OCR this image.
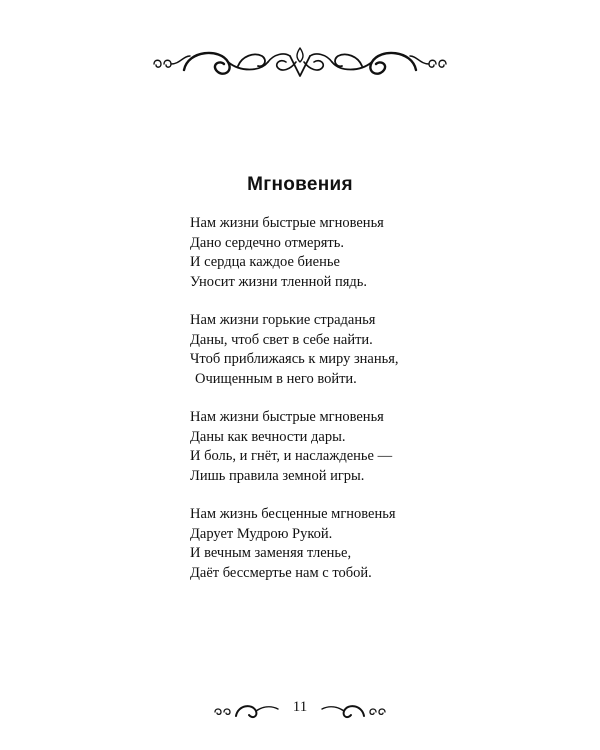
Мгновения
Нам жизни быстрые мгновенья
Дано сердечно отмерять.
И сердца каждое биенье
Уносит жизни тленной пядь.
Нам жизни горькие страданья
Даны, чтоб свет в себе найти.
Чтоб приближаясь к миру знанья,
Очищенным в него войти.
Нам жизни быстрые мгновенья
Даны как вечности дары.
И боль, и гнёт, и наслажденье —
Лишь правила земной игры.
Нам жизнь бесценные мгновенья
Дарует Мудрою Рукой.
И вечным заменяя тленье,
Даёт бессмертье нам с тобой.
11
